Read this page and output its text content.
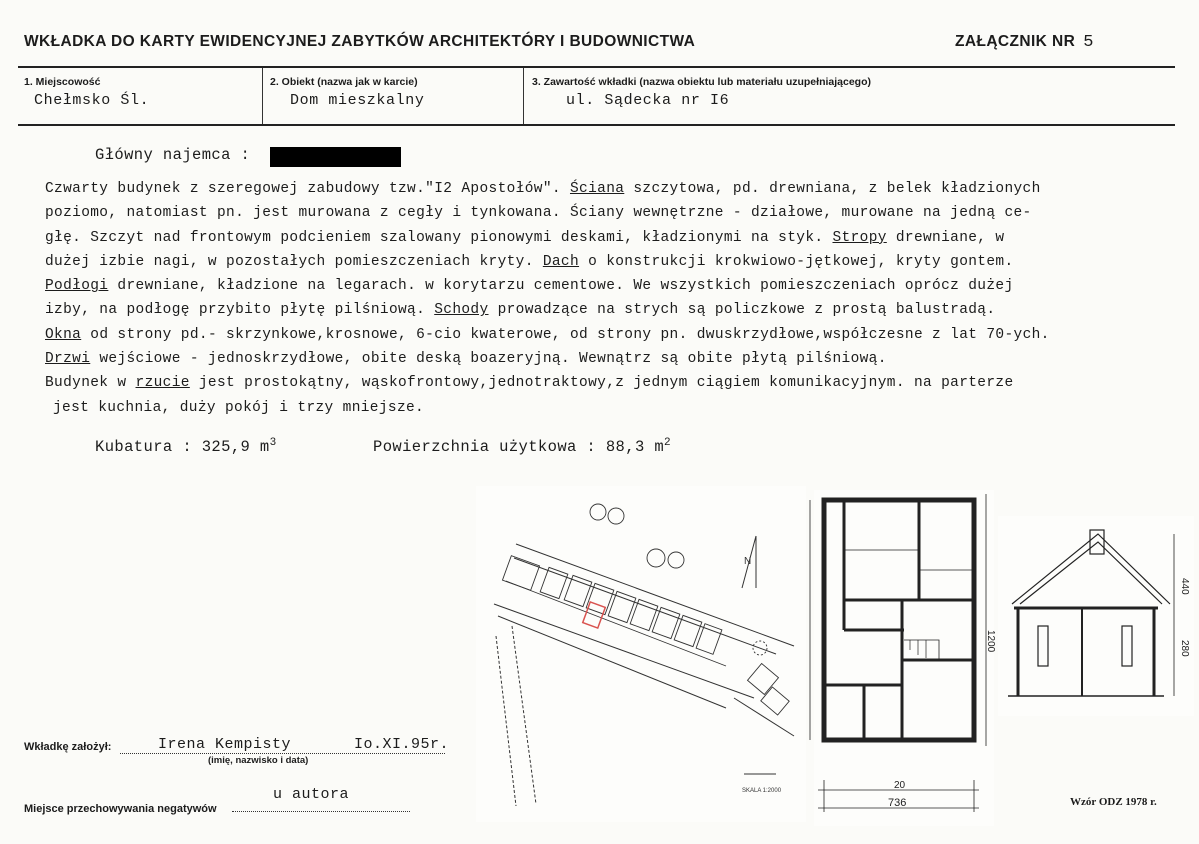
WKŁADKA DO KARTY EWIDENCYJNEJ ZABYTKÓW ARCHITEKTÓRY I BUDOWNICTWA	ZAŁĄCZNIK NR 5
1. Miejscowość
Chełmsko Śl.
2. Obiekt (nazwa jak w karcie)
Dom mieszkalny
3. Zawartość wkładki (nazwa obiektu lub materiału uzupełniającego)
ul. Sądecka nr I6
Główny najemca :
Czwarty budynek z szeregowej zabudowy tzw."I2 Apostołów". Ściana szczytowa, pd. drewniana, z belek kładzionych
poziomo, natomiast pn. jest murowana z cegły i tynkowana. Ściany wewnętrzne - działowe, murowane na jedną ce-
głę. Szczyt nad frontowym podcieniem szalowany pionowymi deskami, kładzionymi na styk. Stropy drewniane, w
dużej izbie nagi, w pozostałych pomieszczeniach kryty. Dach o konstrukcji krokwiowo-jętkowej, kryty gontem.
Podłogi drewniane, kładzione na legarach. w korytarzu cementowe. We wszystkich pomieszczeniach oprócz dużej
izby, na podłogę przybito płytę pilśniową. Schody prowadzące na strych są policzkowe z prostą balustradą.
Okna od strony pd.- skrzynkowe,krosnowe, 6-cio kwaterowe, od strony pn. dwuskrzydłowe,współczesne z lat 70-ych.
Drzwi wejściowe - jednoskrzydłowe, obite deską boazeryjną. Wewnątrz są obite płytą pilśniową.
Budynek w rzucie jest prostokątny, wąskofrontowy,jednotraktowy,z jednym ciągiem komunikacyjnym. na parterze
jest kuchnia, duży pokój i trzy mniejsze.
Kubatura : 325,9 $m^3$	Powierzchnia użytkowa : 88,3 $m^2$
N
SKALA 1:2000
1200
20
736
440
280
Wkładkę założył:	Irena Kempisty	Io.XI.95r.
(imię, nazwisko i data)
Miejsce przechowywania negatywów
u autora	Wzór ODZ 1978 r.
